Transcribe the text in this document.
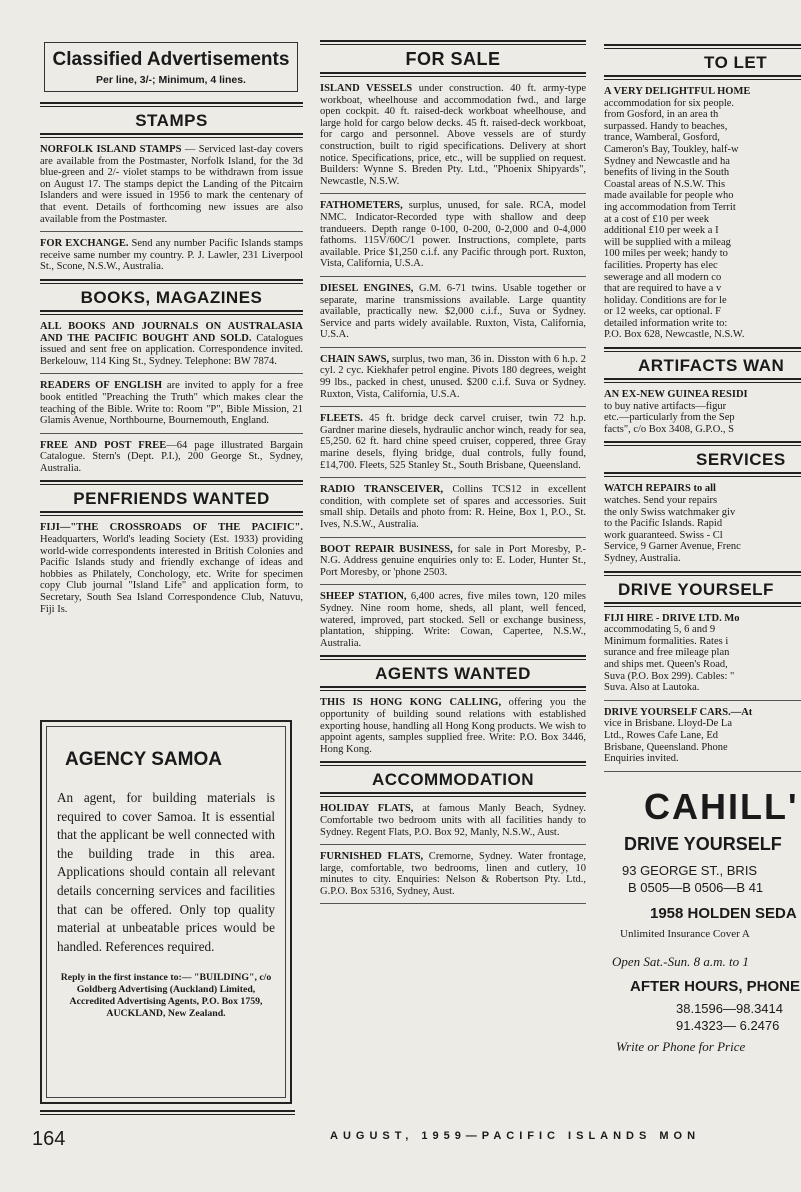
Classified Advertisements
Per line, 3/-; Minimum, 4 lines.
STAMPS
NORFOLK ISLAND STAMPS — Serviced last-day covers are available from the Postmaster, Norfolk Island, for the 3d blue-green and 2/- violet stamps to be withdrawn from issue on August 17. The stamps depict the Landing of the Pitcairn Islanders and were issued in 1956 to mark the centenary of that event. Details of forthcoming new issues are also available from the Postmaster.
FOR EXCHANGE. Send any number Pacific Islands stamps receive same number my country. P. J. Lawler, 231 Liverpool St., Scone, N.S.W., Australia.
BOOKS, MAGAZINES
ALL BOOKS AND JOURNALS ON AUSTRALASIA AND THE PACIFIC BOUGHT AND SOLD. Catalogues issued and sent free on application. Correspondence invited. Berkelouw, 114 King St., Sydney. Telephone: BW 7874.
READERS OF ENGLISH are invited to apply for a free book entitled "Preaching the Truth" which makes clear the teaching of the Bible. Write to: Room "P", Bible Mission, 21 Glamis Avenue, Northbourne, Bournemouth, England.
FREE AND POST FREE—64 page illustrated Bargain Catalogue. Stern's (Dept. P.I.), 200 George St., Sydney, Australia.
PENFRIENDS WANTED
FIJI—"THE CROSSROADS OF THE PACIFIC". Headquarters, World's leading Society (Est. 1933) providing world-wide correspondents interested in British Colonies and Pacific Islands study and friendly exchange of ideas and hobbies as Philately, Conchology, etc. Write for specimen copy Club journal "Island Life" and application form, to Secretary, South Sea Island Correspondence Club, Natuvu, Fiji Is.
AGENCY SAMOA
An agent, for building materials is required to cover Samoa. It is essential that the applicant be well connected with the building trade in this area. Applications should contain all relevant details concerning services and facilities that can be offered. Only top quality material at unbeatable prices would be handled. References required.
Reply in the first instance to:— "BUILDING", c/o Goldberg Advertising (Auckland) Limited, Accredited Advertising Agents, P.O. Box 1759, AUCKLAND, New Zealand.
FOR SALE
ISLAND VESSELS under construction. 40 ft. army-type workboat, wheelhouse and accommodation fwd., and large open cockpit. 40 ft. raised-deck workboat wheelhouse, and large hold for cargo below decks. 45 ft. raised-deck workboat, for cargo and personnel. Above vessels are of sturdy construction, built to rigid specifications. Delivery at short notice. Specifications, price, etc., will be supplied on request. Builders: Wynne S. Breden Pty. Ltd., "Phoenix Shipyards", Newcastle, N.S.W.
FATHOMETERS, surplus, unused, for sale. RCA, model NMC. Indicator-Recorded type with shallow and deep trandueers. Depth range 0-100, 0-200, 0-2,000 and 0-4,000 fathoms. 115V/60C/1 power. Instructions, complete, parts available. Price $1,250 c.i.f. any Pacific through port. Ruxton, Vista, California, U.S.A.
DIESEL ENGINES, G.M. 6-71 twins. Usable together or separate, marine transmissions available. Large quantity available, practically new. $2,000 c.i.f., Suva or Sydney. Service and parts widely available. Ruxton, Vista, California, U.S.A.
CHAIN SAWS, surplus, two man, 36 in. Disston with 6 h.p. 2 cyl. 2 cyc. Kiekhafer petrol engine. Pivots 180 degrees, weight 99 lbs., packed in chest, unused. $200 c.i.f. Suva or Sydney. Ruxton, Vista, California, U.S.A.
FLEETS. 45 ft. bridge deck carvel cruiser, twin 72 h.p. Gardner marine diesels, hydraulic anchor winch, ready for sea, £5,250. 62 ft. hard chine speed cruiser, coppered, three Gray marine desels, flying bridge, dual controls, fully found, £14,700. Fleets, 525 Stanley St., South Brisbane, Queensland.
RADIO TRANSCEIVER, Collins TCS12 in excellent condition, with complete set of spares and accessories. Suit small ship. Details and photo from: R. Heine, Box 1, P.O., St. Ives, N.S.W., Australia.
BOOT REPAIR BUSINESS, for sale in Port Moresby, P.-N.G. Address genuine enquiries only to: E. Loder, Hunter St., Port Moresby, or 'phone 2503.
SHEEP STATION, 6,400 acres, five miles town, 120 miles Sydney. Nine room home, sheds, all plant, well fenced, watered, improved, part stocked. Sell or exchange business, plantation, shipping. Write: Cowan, Capertee, N.S.W., Australia.
AGENTS WANTED
THIS IS HONG KONG CALLING, offering you the opportunity of building sound relations with established exporting house, handling all Hong Kong products. We wish to appoint agents, samples supplied free. Write: P.O. Box 3446, Hong Kong.
ACCOMMODATION
HOLIDAY FLATS, at famous Manly Beach, Sydney. Comfortable two bedroom units with all facilities handy to Sydney. Regent Flats, P.O. Box 92, Manly, N.S.W., Aust.
FURNISHED FLATS, Cremorne, Sydney. Water frontage, large, comfortable, two bedrooms, linen and cutlery, 10 minutes to city. Enquiries: Nelson & Robertson Pty. Ltd., G.P.O. Box 5316, Sydney, Aust.
TO LET
A VERY DELIGHTFUL HOME
accommodation for six people.
from Gosford, in an area th
surpassed. Handy to beaches,
trance, Wamberal, Gosford,
Cameron's Bay, Toukley, half-w
Sydney and Newcastle and ha
benefits of living in the South
Coastal areas of N.S.W. This
made available for people who
ing accommodation from Territ
at a cost of £10 per week
additional £10 per week a I
will be supplied with a mileag
100 miles per week; handy to
facilities. Property has elec
sewerage and all modern co
that are required to have a v
holiday. Conditions are for le
or 12 weeks, car optional. F
detailed information write to:
P.O. Box 628, Newcastle, N.S.W.
ARTIFACTS WAN
AN EX-NEW GUINEA RESIDI
to buy native artifacts—figur
etc.—particularly from the Sep
facts", c/o Box 3408, G.P.O., S
SERVICES
WATCH REPAIRS to all
watches. Send your repairs
the only Swiss watchmaker giv
to the Pacific Islands. Rapid
work guaranteed. Swiss - Cl
Service, 9 Garner Avenue, Frenc
Sydney, Australia.
DRIVE YOURSELF
FIJI HIRE - DRIVE LTD. Mo
accommodating 5, 6 and 9
Minimum formalities. Rates i
surance and free mileage plan
and ships met. Queen's Road,
Suva (P.O. Box 299). Cables: "
Suva. Also at Lautoka.
DRIVE YOURSELF CARS.—At
vice in Brisbane. Lloyd-De La
Ltd., Rowes Cafe Lane, Ed
Brisbane, Queensland. Phone
Enquiries invited.
CAHILL'
DRIVE YOURSELF
93 GEORGE ST., BRIS
B 0505—B 0506—B 41
1958 HOLDEN SEDA
Unlimited Insurance Cover A
Open Sat.-Sun. 8 a.m. to 1
AFTER HOURS, PHONE
38.1596—98.3414
91.4323— 6.2476
Write or Phone for Price
164	AUGUST, 1959—PACIFIC ISLANDS MON
